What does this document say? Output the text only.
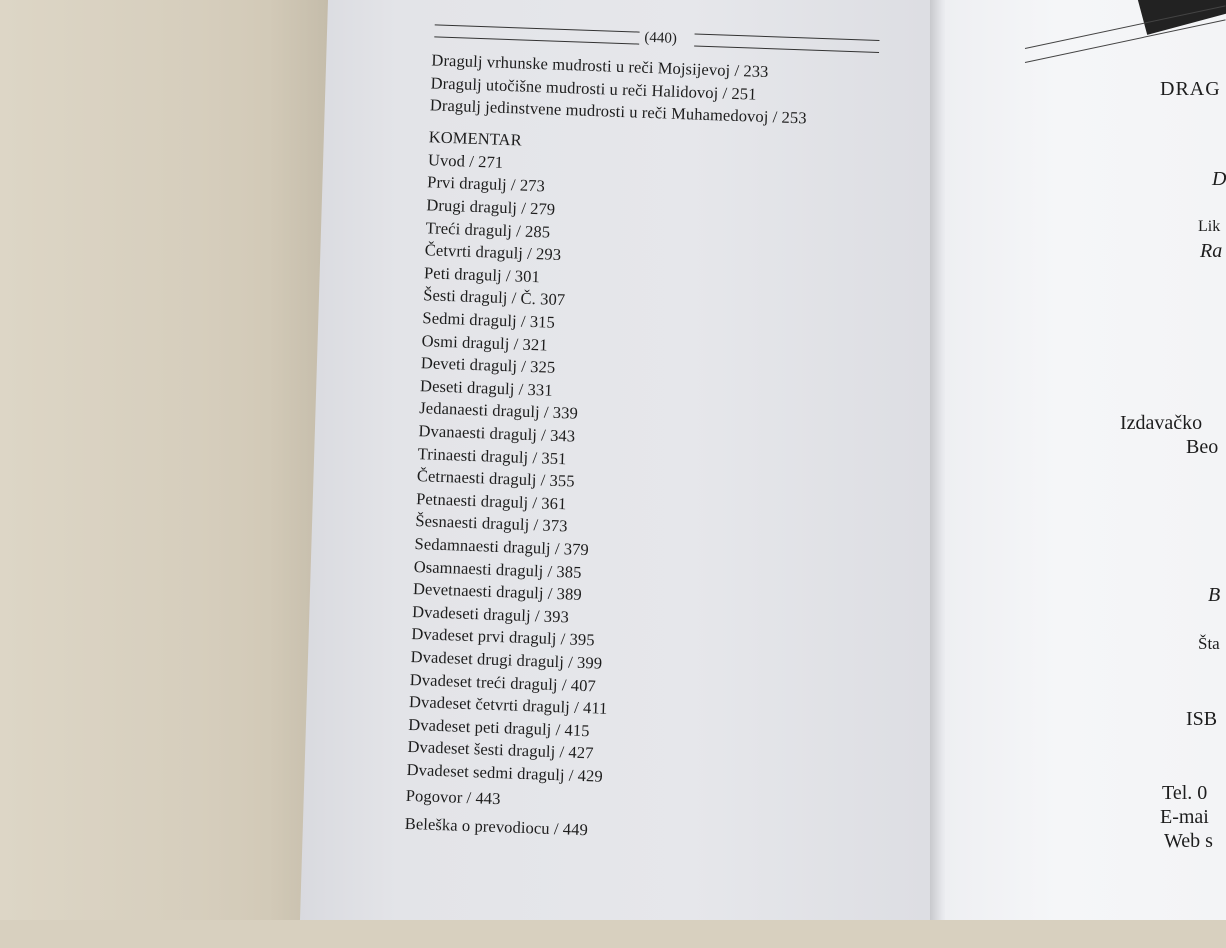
(440)
Dragulj vrhunske mudrosti u reči Mojsijevoj / 233
Dragulj utočišne mudrosti u reči Halidovoj / 251
Dragulj jedinstvene mudrosti u reči Muhamedovoj / 253
KOMENTAR
Uvod / 271
Prvi dragulj / 273
Drugi dragulj / 279
Treći dragulj / 285
Četvrti dragulj / 293
Peti dragulj / 301
Šesti dragulj / Č. 307
Sedmi dragulj / 315
Osmi dragulj / 321
Deveti dragulj / 325
Deseti dragulj / 331
Jedanaesti dragulj / 339
Dvanaesti dragulj / 343
Trinaesti dragulj / 351
Četrnaesti dragulj / 355
Petnaesti dragulj / 361
Šesnaesti dragulj / 373
Sedamnaesti dragulj / 379
Osamnaesti dragulj / 385
Devetnaesti dragulj / 389
Dvadeseti dragulj / 393
Dvadeset prvi dragulj / 395
Dvadeset drugi dragulj / 399
Dvadeset treći dragulj / 407
Dvadeset četvrti dragulj / 411
Dvadeset peti dragulj / 415
Dvadeset šesti dragulj / 427
Dvadeset sedmi dragulj / 429
Pogovor / 443
Beleška o prevodiocu / 449
DRAG
D
Lik
Ra
Izdavačko
Beo
B
Šta
ISB
Tel. 0
E-mai
Web s
